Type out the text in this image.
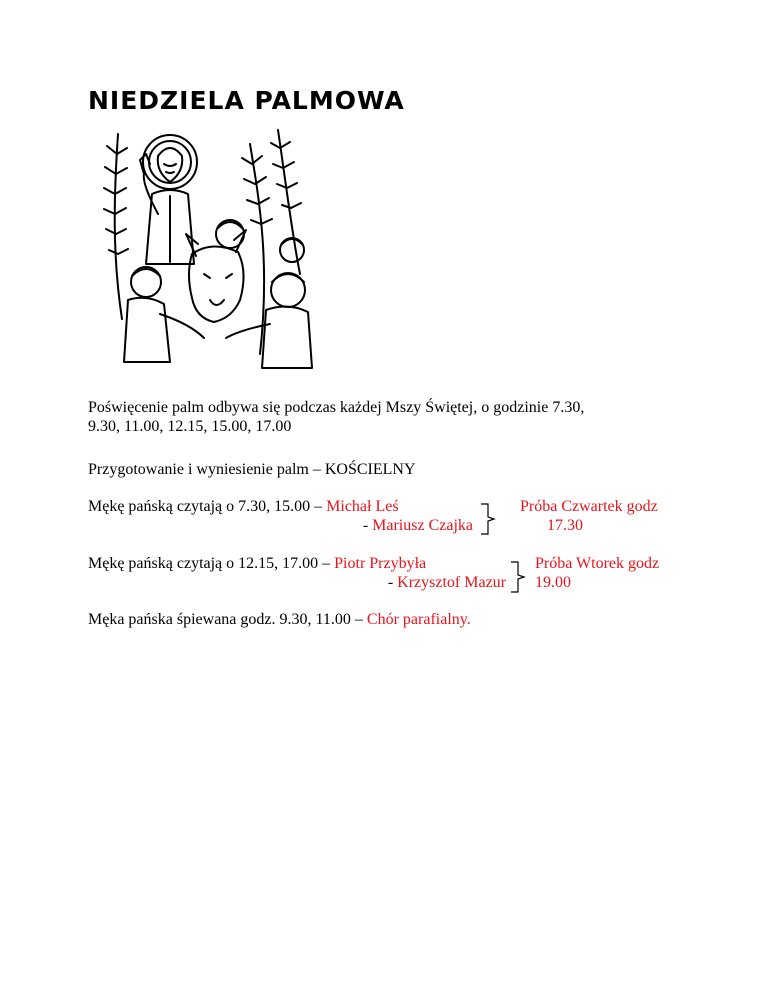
NIEDZIELA PALMOWA

Poświęcenie palm odbywa się podczas każdej Mszy Świętej, o godzinie 7.30,

9.30, 11.00, 12.15, 15.00, 17.00

Przygotowanie i wyniesienie palm – KOŚCIELNY

Mękę pańską czytają o 7.30, 15.00 – Michał Leś

- Mariusz Czajka

Próba Czwartek godz

17.30

Mękę pańską czytają o 12.15, 17.00 – Piotr Przybyła

- Krzysztof Mazur

Próba Wtorek godz

19.00

Męka pańska śpiewana godz. 9.30, 11.00 – Chór parafialny.
